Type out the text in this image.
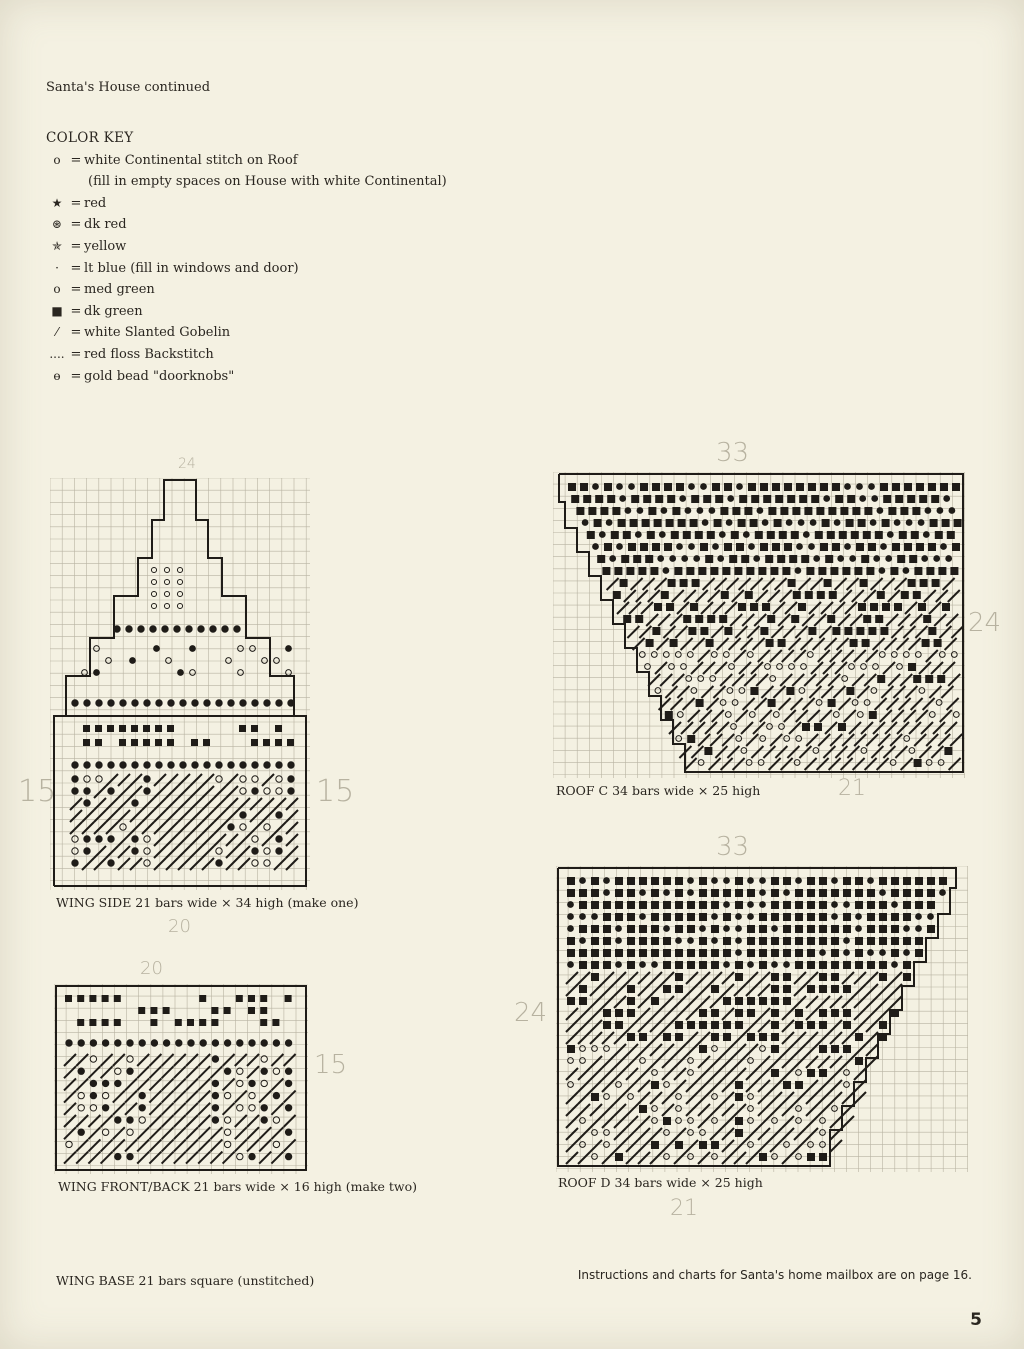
Santa's House continued
COLOR KEY
o = white Continental stitch on Roof
(fill in empty spaces on House with white Continental)
★ = red
⊛ = dk red
✯ = yellow
· = lt blue (fill in windows and door)
ο = med green
■ = dk green
⁄ = white Slanted Gobelin
.... = red floss Backstitch
ɵ = gold bead "doorknobs"
WING SIDE 21 bars wide × 34 high (make one)
WING FRONT/BACK 21 bars wide × 16 high (make two)
WING BASE 21 bars square (unstitched)
ROOF C 34 bars wide × 25 high
ROOF D 34 bars wide × 25 high
24
15	15
20
20
15
33
24
21
33
24
21
Instructions and charts for Santa's home mailbox are on page 16.
5
